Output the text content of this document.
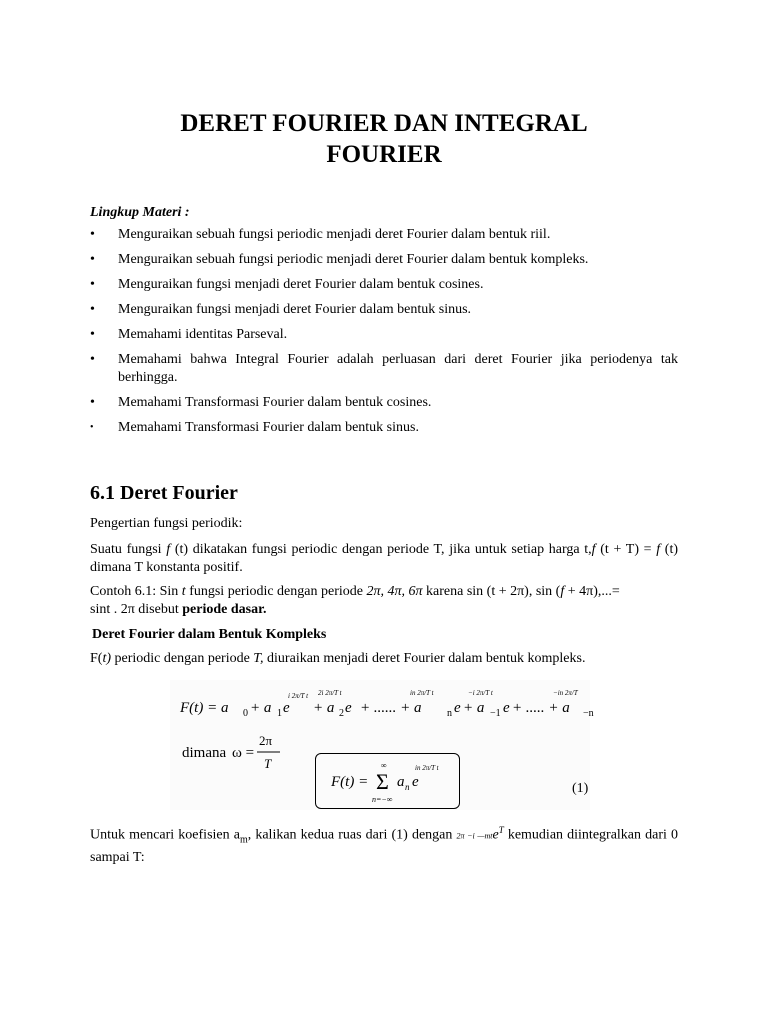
DERET FOURIER DAN INTEGRAL
FOURIER
Lingkup Materi :
• Menguraikan sebuah fungsi periodic menjadi deret Fourier dalam bentuk riil.
• Menguraikan sebuah fungsi periodic menjadi deret Fourier dalam bentuk kompleks.
• Menguraikan fungsi menjadi deret Fourier dalam bentuk cosines.
• Menguraikan fungsi menjadi deret Fourier dalam bentuk sinus.
• Memahami identitas Parseval.
• Memahami bahwa Integral Fourier adalah perluasan dari deret Fourier jika periodenya tak berhingga.
• Memahami Transformasi Fourier dalam bentuk cosines.
• Memahami Transformasi Fourier dalam bentuk sinus.
6.1 Deret Fourier
Pengertian fungsi periodik:
Suatu fungsi f (t) dikatakan fungsi periodic dengan periode T, jika untuk setiap harga t,f (t + T) = f (t) dimana T konstanta positif.
Contoh 6.1: Sin t fungsi periodic dengan periode 2π, 4π, 6π karena sin (t + 2π), sin (f + 4π),...=
sint . 2π disebut periode dasar.
Deret Fourier dalam Bentuk Kompleks
F(t) periodic dengan periode T, diuraikan menjadi deret Fourier dalam bentuk kompleks.
F(t) = a 0 + a 1 e
i 2π/T t
+ a 2 e
2i 2π/T t
+ ...... + a	n e
in 2π/T t
+ a −1 e
−i 2π/T t
+ ..... + a −n
−in 2π/T
dimana ω =
2π
T
F(t) = Σ
∞
n=−∞
a n e
in 2π/T t
(1)
Untuk mencari koefisien $a_m$, kalikan kedua ruas dari (1) dengan 2π −i —mte$^T$ kemudian diintegralkan dari 0 sampai T:
